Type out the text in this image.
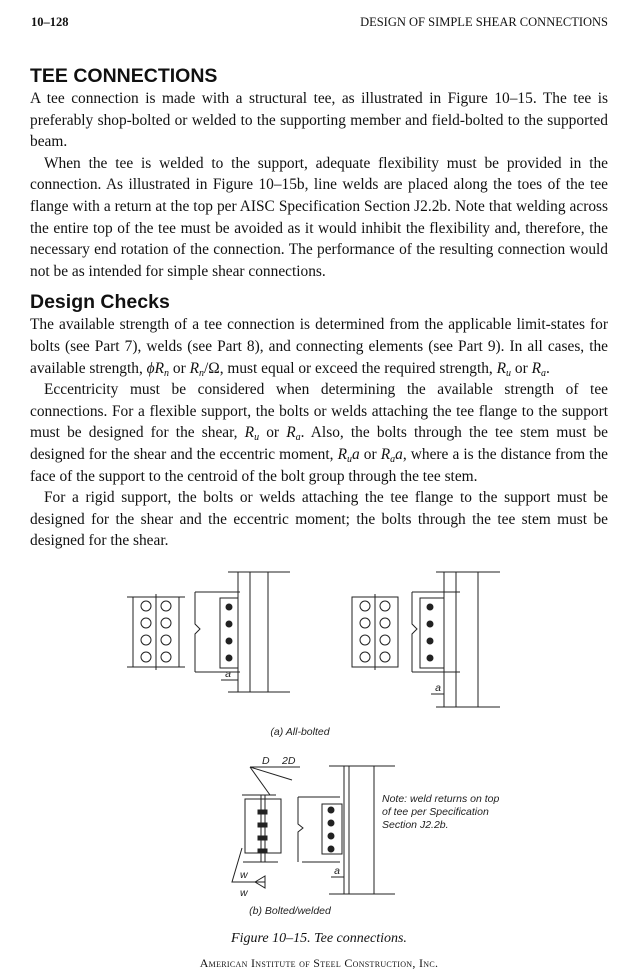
10–128	DESIGN OF SIMPLE SHEAR CONNECTIONS
TEE CONNECTIONS

A tee connection is made with a structural tee, as illustrated in Figure 10–15. The tee is preferably shop-bolted or welded to the supporting member and field-bolted to the supported beam.

When the tee is welded to the support, adequate flexibility must be provided in the connection. As illustrated in Figure 10–15b, line welds are placed along the toes of the tee flange with a return at the top per AISC Specification Section J2.2b. Note that welding across the entire top of the tee must be avoided as it would inhibit the flexibility and, therefore, the necessary end rotation of the connection. The performance of the resulting connection would not be as intended for simple shear connections.

Design Checks

The available strength of a tee connection is determined from the applicable limit-states for bolts (see Part 7), welds (see Part 8), and connecting elements (see Part 9). In all cases, the available strength, $\phi R_n$ or $R_n/\Omega$, must equal or exceed the required strength, $R_u$ or $R_a$.

Eccentricity must be considered when determining the available strength of tee connections. For a flexible support, the bolts or welds attaching the tee flange to the support must be designed for the shear, $R_u$ or $R_a$. Also, the bolts through the tee stem must be designed for the shear and the eccentric moment, $R_ua$ or $R_aa$, where a is the distance from the face of the support to the centroid of the bolt group through the tee stem.

For a rigid support, the bolts or welds attaching the tee flange to the support must be designed for the shear and the eccentric moment; the bolts through the tee stem must be designed for the shear.

a
a
(a) All-bolted
D 2D
w
w
a
Note: weld returns on top
of tee per Specification
Section J2.2b.
(b) Bolted/welded
Figure 10–15. Tee connections.
American Institute of Steel Construction, Inc.
